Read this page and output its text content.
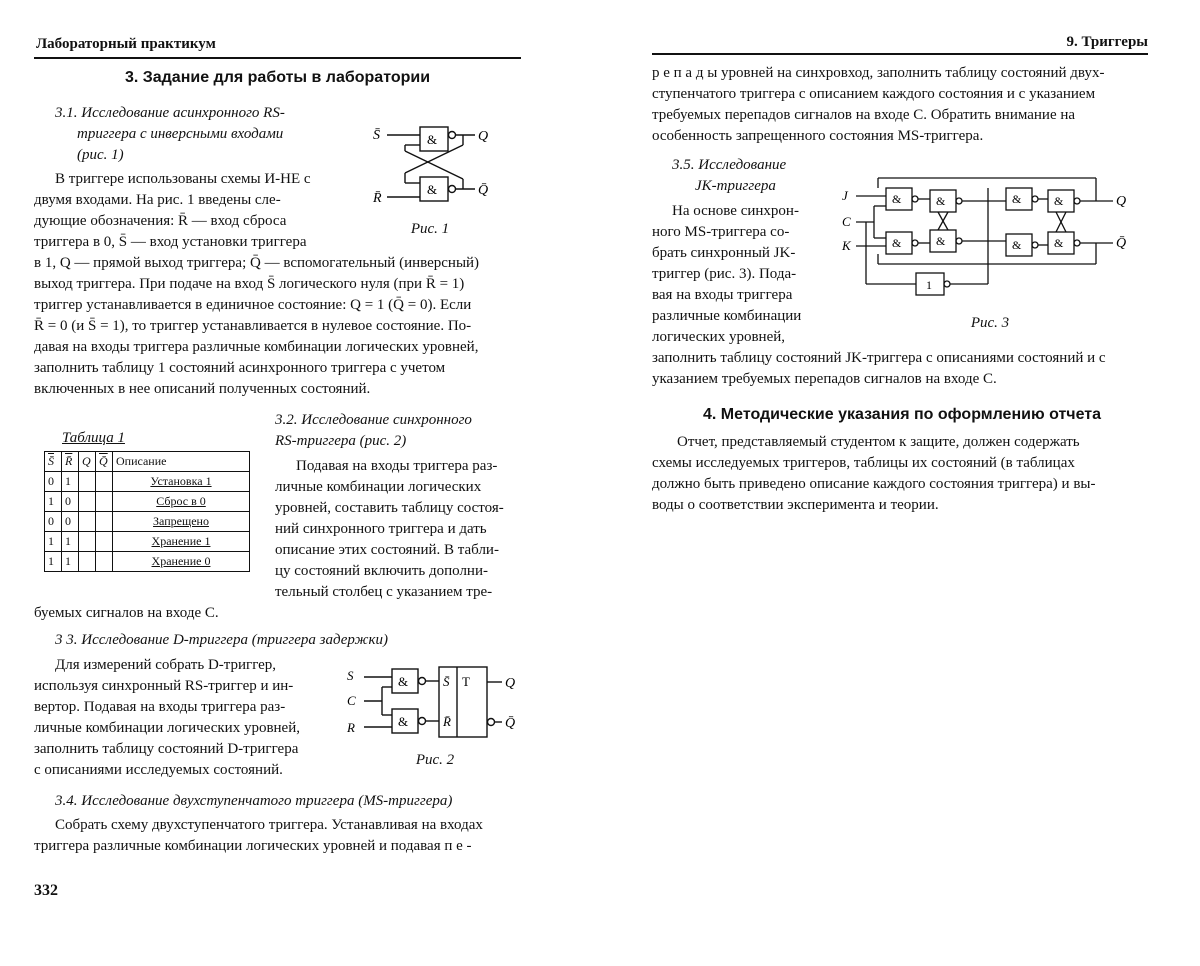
Лабораторный практикум
3. Задание для работы в лаборатории
3.1. Исследование асинхронного RS-
триггера с инверсными входами
(рис. 1)
В триггере использованы схемы И-НЕ с
двумя входами. На рис. 1 введены сле-
дующие обозначения: R̄ — вход сброса
триггера в 0, S̄ — вход установки триггера
в 1, Q — прямой выход триггера; Q̄ — вспомогательный (инверсный)
выход триггера. При подаче на вход S̄ логического нуля (при R̄ = 1)
триггер устанавливается в единичное состояние: Q = 1 (Q̄ = 0). Если
R̄ = 0 (и S̄ = 1), то триггер устанавливается в нулевое состояние. По-
давая на входы триггера различные комбинации логических уровней,
заполнить таблицу 1 состояний асинхронного триггера с учетом
включенных в нее описаний полученных состояний.
&
&
S̄
R̄
Q
Q̄
Рис. 1
Таблица 1
S̄	R̄	Q	Q̄	Описание
0	1			Установка 1
1	0			Сброс в 0
0	0			Запрещено
1	1			Хранение 1
1	1			Хранение 0
3.2. Исследование синхронного
RS-триггера (рис. 2)
Подавая на входы триггера раз-
личные комбинации логических
уровней, составить таблицу состоя-
ний синхронного триггера и дать
описание этих состояний. В табли-
цу состояний включить дополни-
тельный столбец с указанием тре-
буемых сигналов на входе C.
3 3. Исследование D-триггера (триггера задержки)
Для измерений собрать D-триггер,
используя синхронный RS-триггер и ин-
вертор. Подавая на входы триггера раз-
личные комбинации логических уровней,
заполнить таблицу состояний D-триггера
с описаниями исследуемых состояний.
&
&
S
C
R
S̄
R̄
T	Q
Q̄
Рис. 2
3.4. Исследование двухступенчатого триггера (MS-триггера)
Собрать схему двухступенчатого триггера. Устанавливая на входах
триггера различные комбинации логических уровней и подавая п е -
332
9. Триггеры
р е п а д ы уровней на синхровход, заполнить таблицу состояний двух-
ступенчатого триггера с описанием каждого состояния и с указанием
требуемых перепадов сигналов на входе C. Обратить внимание на
особенность запрещенного состояния MS-триггера.
3.5. Исследование
JK-триггера
На основе синхрон-
ного MS-триггера со-
брать синхронный JK-
триггер (рис. 3). Пода-
вая на входы триггера
различные комбинации
логических уровней,
заполнить таблицу состояний JK-триггера с описаниями состояний и с
указанием требуемых перепадов сигналов на входе C.
&
&
&
&
&
&
&
&
1
J
C
K
Q
Q̄
Рис. 3
4. Методические указания по оформлению отчета
Отчет, представляемый студентом к защите, должен содержать
схемы исследуемых триггеров, таблицы их состояний (в таблицах
должно быть приведено описание каждого состояния триггера) и вы-
воды о соответствии эксперимента и теории.
